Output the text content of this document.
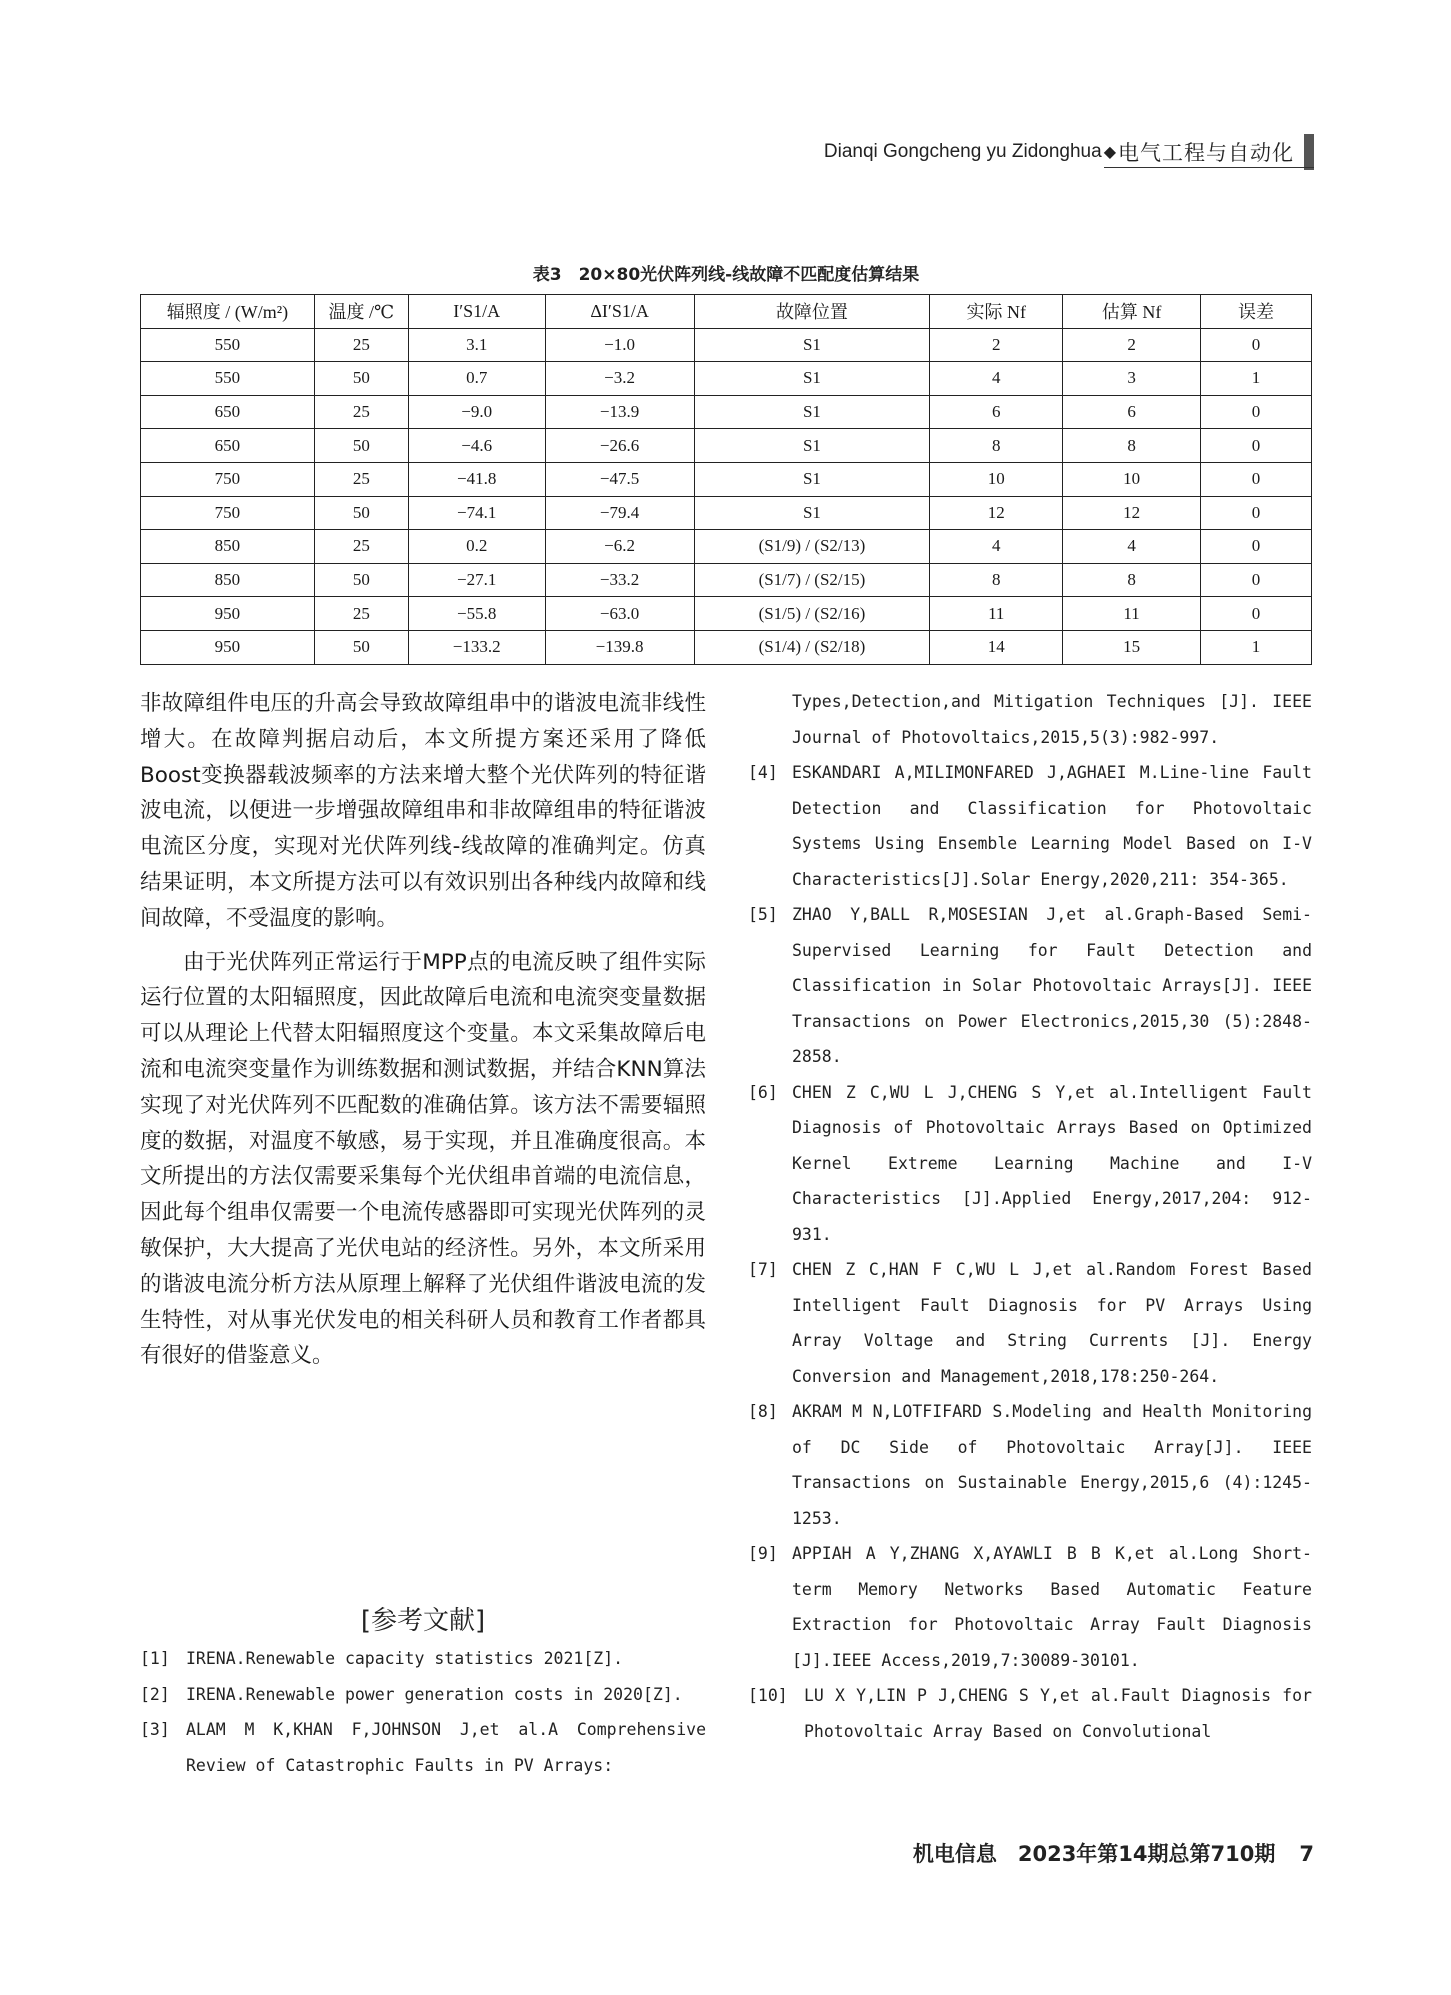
Dianqi Gongcheng yu Zidonghua ◆ 电气工程与自动化
表3　20×80光伏阵列线-线故障不匹配度估算结果
辐照度 / (W/m²)	温度 /℃	I′S1/A	ΔI′S1/A	故障位置	实际 Nf	估算 Nf	误差
550	25	3.1	−1.0	S1	2	2	0
550	50	0.7	−3.2	S1	4	3	1
650	25	−9.0	−13.9	S1	6	6	0
650	50	−4.6	−26.6	S1	8	8	0
750	25	−41.8	−47.5	S1	10	10	0
750	50	−74.1	−79.4	S1	12	12	0
850	25	0.2	−6.2	(S1/9) / (S2/13)	4	4	0
850	50	−27.1	−33.2	(S1/7) / (S2/15)	8	8	0
950	25	−55.8	−63.0	(S1/5) / (S2/16)	11	11	0
950	50	−133.2	−139.8	(S1/4) / (S2/18)	14	15	1

非故障组件电压的升高会导致故障组串中的谐波电流非线性增大。在故障判据启动后，本文所提方案还采用了降低Boost变换器载波频率的方法来增大整个光伏阵列的特征谐波电流，以便进一步增强故障组串和非故障组串的特征谐波电流区分度，实现对光伏阵列线-线故障的准确判定。仿真结果证明，本文所提方法可以有效识别出各种线内故障和线间故障，不受温度的影响。

由于光伏阵列正常运行于MPP点的电流反映了组件实际运行位置的太阳辐照度，因此故障后电流和电流突变量数据可以从理论上代替太阳辐照度这个变量。本文采集故障后电流和电流突变量作为训练数据和测试数据，并结合KNN算法实现了对光伏阵列不匹配数的准确估算。该方法不需要辐照度的数据，对温度不敏感，易于实现，并且准确度很高。本文所提出的方法仅需要采集每个光伏组串首端的电流信息，因此每个组串仅需要一个电流传感器即可实现光伏阵列的灵敏保护，大大提高了光伏电站的经济性。另外，本文所采用的谐波电流分析方法从原理上解释了光伏组件谐波电流的发生特性，对从事光伏发电的相关科研人员和教育工作者都具有很好的借鉴意义。

[参考文献]
[1] IRENA.Renewable capacity statistics 2021[Z].
[2] IRENA.Renewable power generation costs in 2020[Z].
[3] ALAM M K,KHAN F,JOHNSON J,et al.A Comprehensive Review of Catastrophic Faults in PV Arrays:
Types,Detection,and Mitigation Techniques [J]. IEEE Journal of Photovoltaics,2015,5(3):982-997.
[4] ESKANDARI A,MILIMONFARED J,AGHAEI M.Line-line Fault Detection and Classification for Photovoltaic Systems Using Ensemble Learning Model Based on I-V Characteristics[J].Solar Energy,2020,211: 354-365.
[5] ZHAO Y,BALL R,MOSESIAN J,et al.Graph-Based Semi-Supervised Learning for Fault Detection and Classification in Solar Photovoltaic Arrays[J]. IEEE Transactions on Power Electronics,2015,30 (5):2848-2858.
[6] CHEN Z C,WU L J,CHENG S Y,et al.Intelligent Fault Diagnosis of Photovoltaic Arrays Based on Optimized Kernel Extreme Learning Machine and I-V Characteristics [J].Applied Energy,2017,204: 912-931.
[7] CHEN Z C,HAN F C,WU L J,et al.Random Forest Based Intelligent Fault Diagnosis for PV Arrays Using Array Voltage and String Currents [J]. Energy Conversion and Management,2018,178:250-264.
[8] AKRAM M N,LOTFIFARD S.Modeling and Health Monitoring of DC Side of Photovoltaic Array[J]. IEEE Transactions on Sustainable Energy,2015,6 (4):1245-1253.
[9] APPIAH A Y,ZHANG X,AYAWLI B B K,et al.Long Short-term Memory Networks Based Automatic Feature Extraction for Photovoltaic Array Fault Diagnosis [J].IEEE Access,2019,7:30089-30101.
[10] LU X Y,LIN P J,CHENG S Y,et al.Fault Diagnosis for Photovoltaic Array Based on Convolutional
机电信息　2023年第14期总第710期 7
